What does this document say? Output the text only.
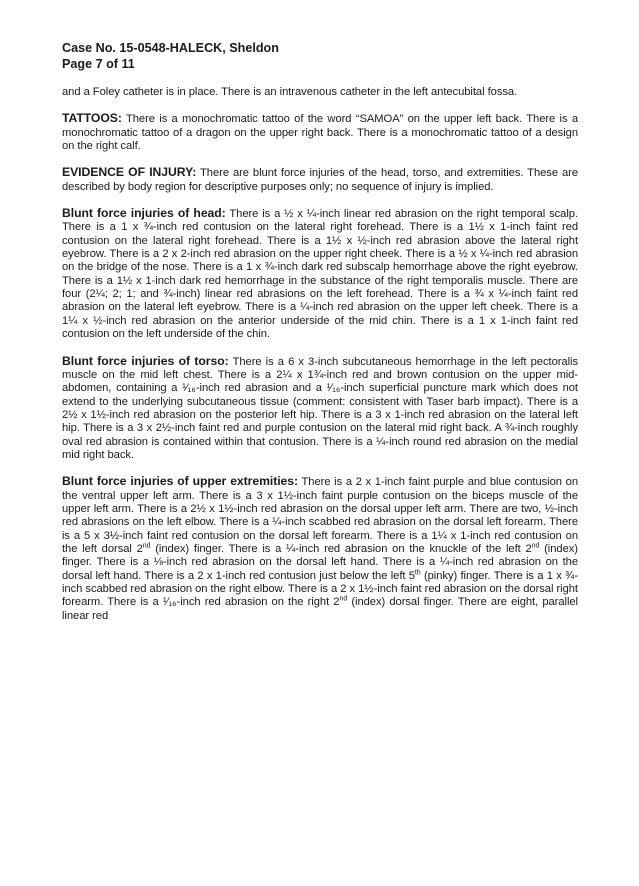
Case No. 15-0548-HALECK, Sheldon
Page 7 of 11

and a Foley catheter is in place. There is an intravenous catheter in the left antecubital fossa.

TATTOOS: There is a monochromatic tattoo of the word “SAMOA” on the upper left back. There is a monochromatic tattoo of a dragon on the upper right back. There is a monochromatic tattoo of a design on the right calf.

EVIDENCE OF INJURY: There are blunt force injuries of the head, torso, and extremities. These are described by body region for descriptive purposes only; no sequence of injury is implied.

Blunt force injuries of head: There is a ½ x ¼-inch linear red abrasion on the right temporal scalp. There is a 1 x ¾-inch red contusion on the lateral right forehead. There is a 1½ x 1-inch faint red contusion on the lateral right forehead. There is a 1½ x ½-inch red abrasion above the lateral right eyebrow. There is a 2 x 2-inch red abrasion on the upper right cheek. There is a ½ x ¼-inch red abrasion on the bridge of the nose. There is a 1 x ¾-inch dark red subscalp hemorrhage above the right eyebrow. There is a 1½ x 1-inch dark red hemorrhage in the substance of the right temporalis muscle. There are four (2¼; 2; 1; and ¾-inch) linear red abrasions on the left forehead. There is a ¾ x ¼-inch faint red abrasion on the lateral left eyebrow. There is a ¼-inch red abrasion on the upper left cheek. There is a 1¼ x ½-inch red abrasion on the anterior underside of the mid chin. There is a 1 x 1-inch faint red contusion on the left underside of the chin.

Blunt force injuries of torso: There is a 6 x 3-inch subcutaneous hemorrhage in the left pectoralis muscle on the mid left chest. There is a 2¼ x 1¾-inch red and brown contusion on the upper mid-abdomen, containing a ¹⁄₁₆-inch red abrasion and a ¹⁄₁₆-inch superficial puncture mark which does not extend to the underlying subcutaneous tissue (comment: consistent with Taser barb impact). There is a 2½ x 1½-inch red abrasion on the posterior left hip. There is a 3 x 1-inch red abrasion on the lateral left hip. There is a 3 x 2½-inch faint red and purple contusion on the lateral mid right back. A ¾-inch roughly oval red abrasion is contained within that contusion. There is a ¼-inch round red abrasion on the medial mid right back.

Blunt force injuries of upper extremities: There is a 2 x 1-inch faint purple and blue contusion on the ventral upper left arm. There is a 3 x 1½-inch faint purple contusion on the biceps muscle of the upper left arm. There is a 2½ x 1½-inch red abrasion on the dorsal upper left arm. There are two, ½-inch red abrasions on the left elbow. There is a ¼-inch scabbed red abrasion on the dorsal left forearm. There is a 5 x 3½-inch faint red contusion on the dorsal left forearm. There is a 1¼ x 1-inch red contusion on the left dorsal 2nd (index) finger. There is a ¼-inch red abrasion on the knuckle of the left 2nd (index) finger. There is a ⅛-inch red abrasion on the dorsal left hand. There is a ¼-inch red abrasion on the dorsal left hand. There is a 2 x 1-inch red contusion just below the left 5th (pinky) finger. There is a 1 x ¾-inch scabbed red abrasion on the right elbow. There is a 2 x 1½-inch faint red abrasion on the dorsal right forearm. There is a ¹⁄₁₆-inch red abrasion on the right 2nd (index) dorsal finger. There are eight, parallel linear red
